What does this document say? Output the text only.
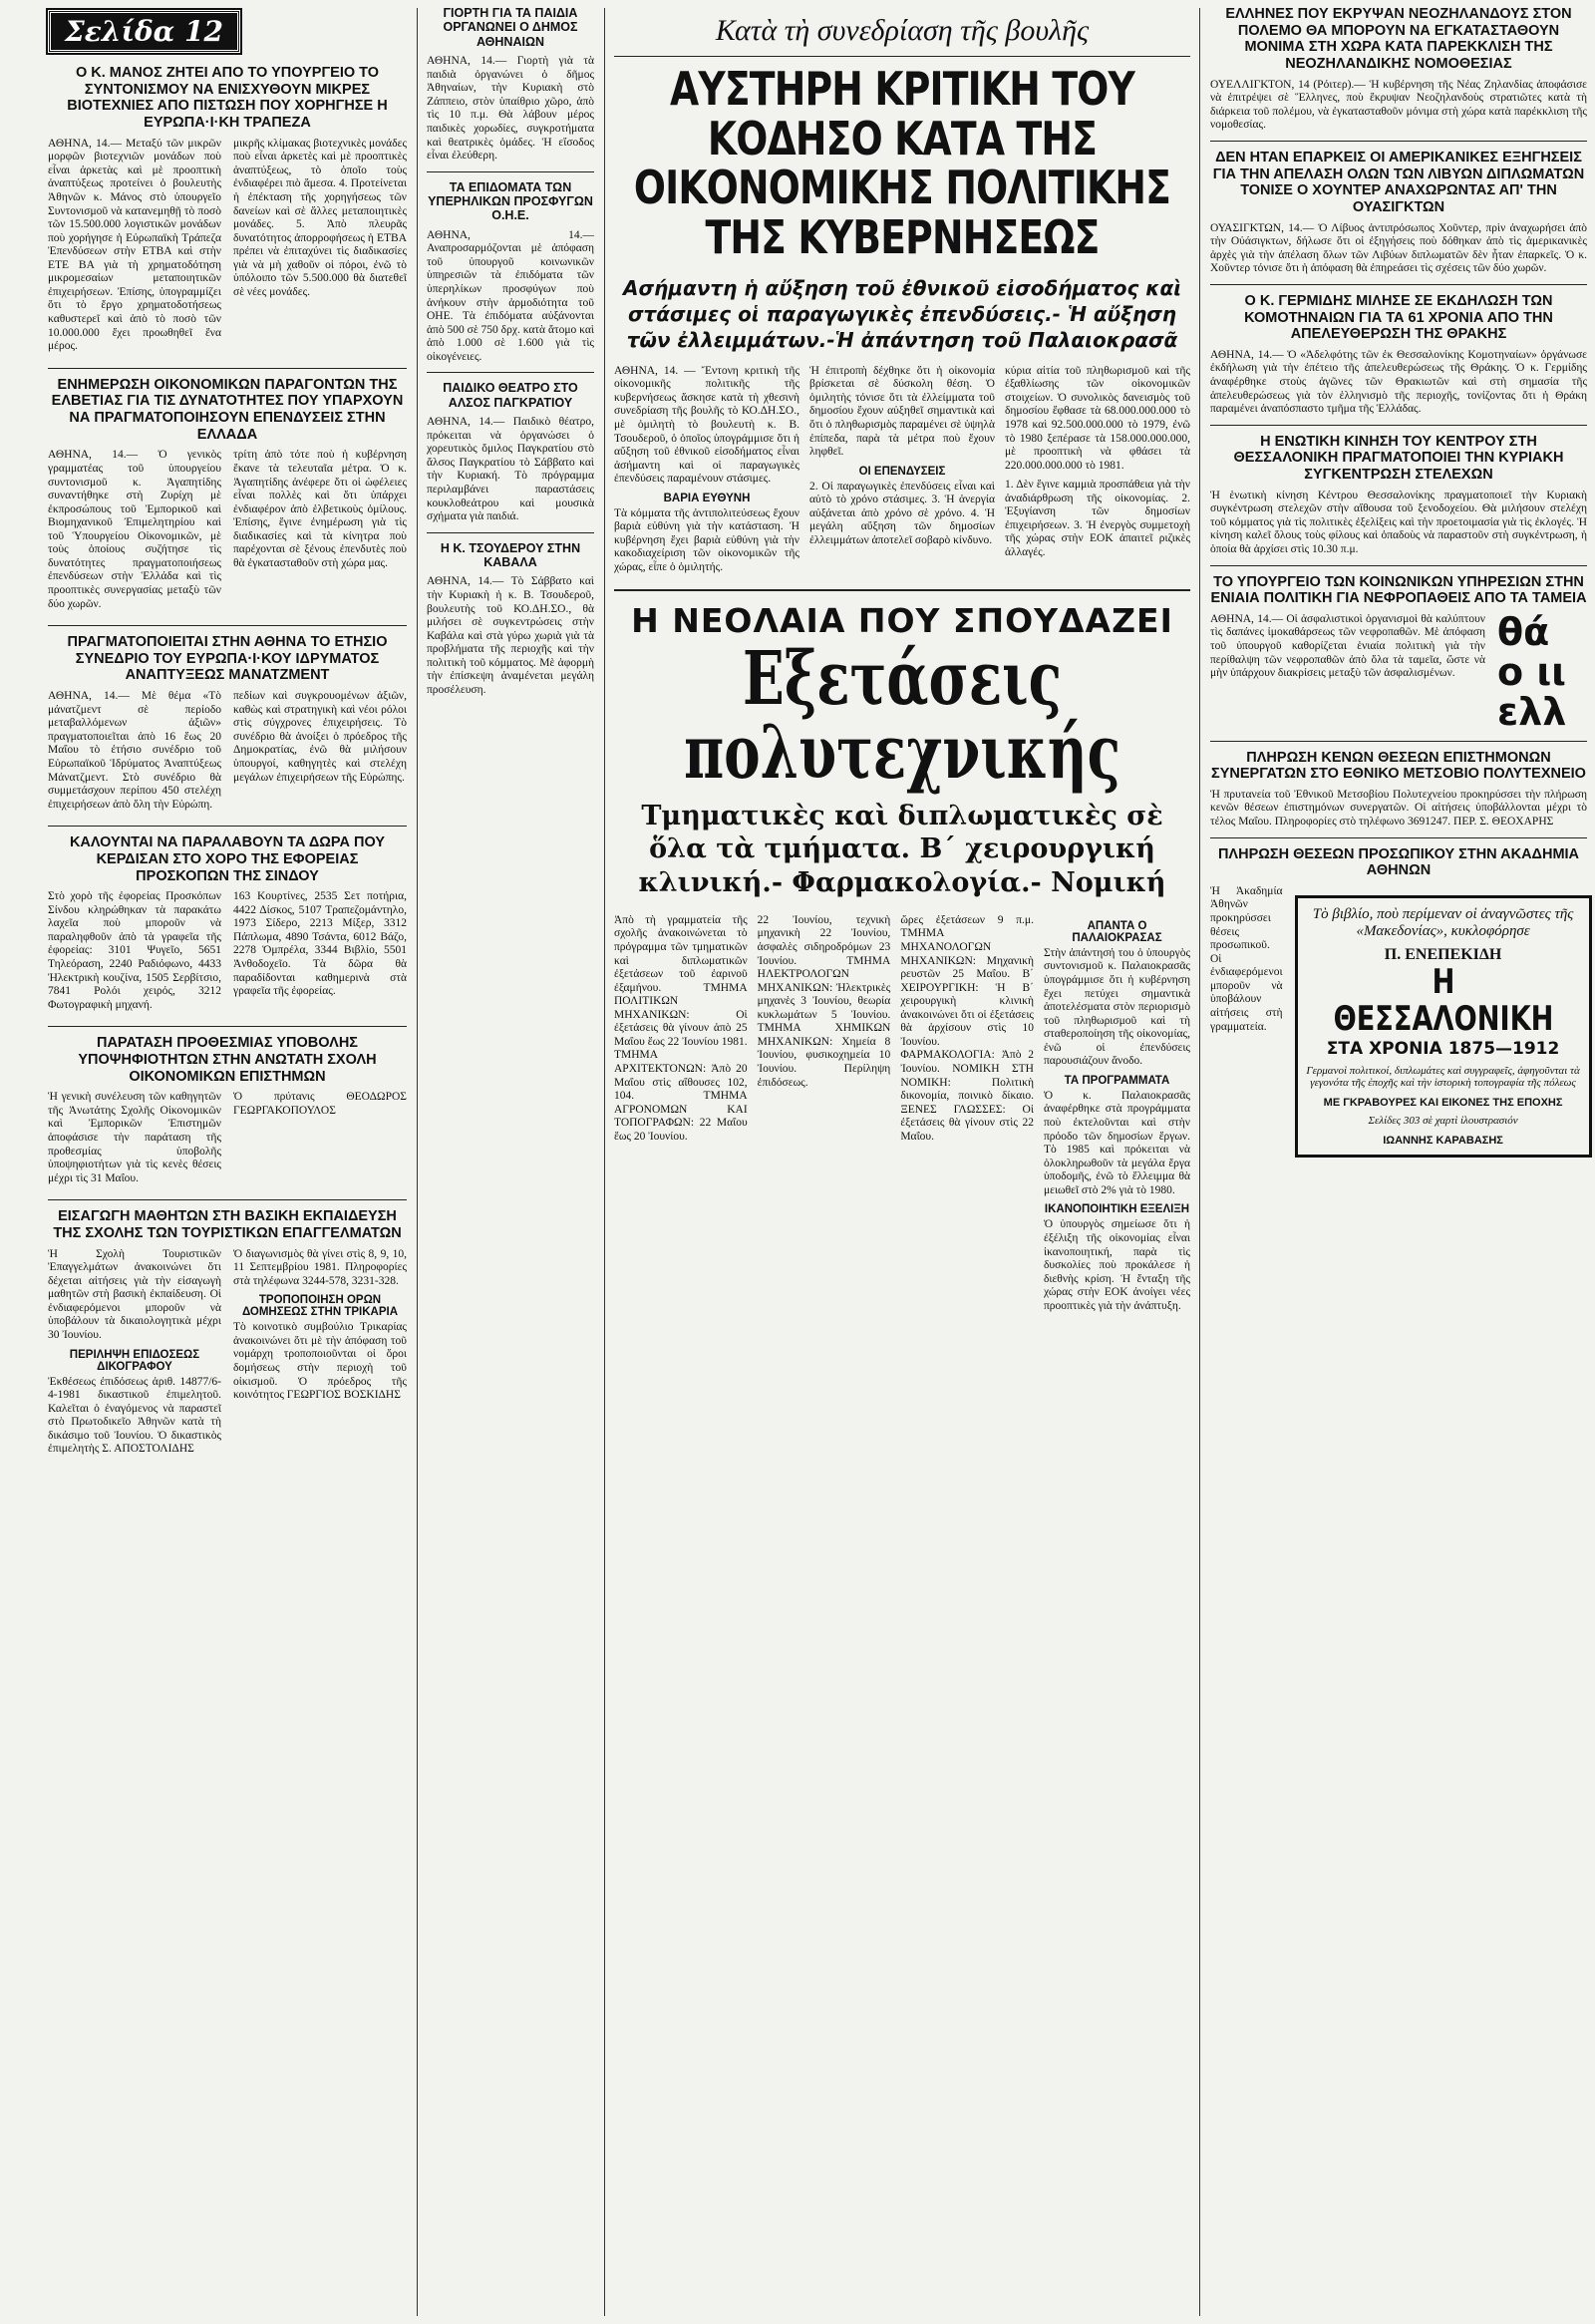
Σελίδα 12
Ο Κ. ΜΑΝΟΣ ΖΗΤΕΙ ΑΠΟ ΤΟ ΥΠΟΥΡΓΕΙΟ ΤΟ ΣΥΝΤΟΝΙΣΜΟΥ ΝΑ ΕΝΙΣΧΥΘΟΥΝ ΜΙΚΡΕΣ ΒΙΟΤΕΧΝΙΕΣ ΑΠΟ ΠΙΣΤΩΣΗ ΠΟΥ ΧΟΡΗΓΗΣΕ Η ΕΥΡΩΠΑ·Ι·ΚΗ ΤΡΑΠΕΖΑ
ΑΘΗΝΑ, 14.— Μεταξύ τῶν μικρῶν μορφῶν βιοτεχνιῶν μονάδων ποὺ εἶναι ἀρκετὰς καὶ μὲ προοπτικὴ ἀναπτύξεως προτείνει ὁ βουλευτὴς Ἀθηνῶν κ. Μάνος στὸ ὑπουργεῖο Συντονισμοῦ νὰ κατανεμηθῇ τὸ ποσὸ τῶν 15.500.000 λογιστικῶν μονάδων ποὺ χορήγησε ἡ Εὐρωπαϊκὴ Τράπεζα Ἐπενδύσεων στὴν ΕΤΒΑ καὶ στὴν ΕΤΕ ΒΑ γιὰ τὴ χρηματοδότηση μικρομεσαίων μεταποιητικῶν ἐπιχειρήσεων. Ἐπίσης, ὑπογραμμίζει ὅτι τὸ ἔργο χρηματοδοτήσεως καθυστερεῖ καὶ ἀπὸ τὸ ποσὸ τῶν 10.000.000 ἔχει προωθηθεῖ ἕνα μέρος.
μικρῆς κλίμακας βιοτεχνικὲς μονάδες ποὺ εἶναι ἀρκετὲς καὶ μὲ προοπτικὲς ἀναπτύξεως, τὸ ὁποῖο τοὺς ἐνδιαφέρει πιὸ ἄμεσα. 4. Προτείνεται ἡ ἐπέκταση τῆς χορηγήσεως τῶν δανείων καὶ σὲ ἄλλες μεταποιητικὲς μονάδες. 5. Ἀπὸ πλευρᾶς δυνατότητος ἀπορροφήσεως ἡ ΕΤΒΑ πρέπει νὰ ἐπιταχύνει τὶς διαδικασίες γιὰ νὰ μὴ χαθοῦν οἱ πόροι, ἐνῶ τὸ ὑπόλοιπο τῶν 5.500.000 θὰ διατεθεῖ σὲ νέες μονάδες.
ΕΝΗΜΕΡΩΣΗ ΟΙΚΟΝΟΜΙΚΩΝ ΠΑΡΑΓΟΝΤΩΝ ΤΗΣ ΕΛΒΕΤΙΑΣ ΓΙΑ ΤΙΣ ΔΥΝΑΤΟΤΗΤΕΣ ΠΟΥ ΥΠΑΡΧΟΥΝ ΝΑ ΠΡΑΓΜΑΤΟΠΟΙΗΣΟΥΝ ΕΠΕΝΔΥΣΕΙΣ ΣΤΗΝ ΕΛΛΑΔΑ
ΑΘΗΝΑ, 14.— Ὁ γενικὸς γραμματέας τοῦ ὑπουργείου συντονισμοῦ κ. Ἀγαπητίδης συναντήθηκε στὴ Ζυρίχη μὲ ἐκπροσώπους τοῦ Ἐμπορικοῦ καὶ Βιομηχανικοῦ Ἐπιμελητηρίου καὶ τοῦ Ὑπουργείου Οἰκονομικῶν, μὲ τοὺς ὁποίους συζήτησε τὶς δυνατότητες πραγματοποιήσεως ἐπενδύσεων στὴν Ἑλλάδα καὶ τὶς προοπτικὲς συνεργασίας μεταξὺ τῶν δύο χωρῶν.
τρίτη ἀπὸ τότε ποὺ ἡ κυβέρνηση ἔκανε τὰ τελευταῖα μέτρα. Ὁ κ. Ἀγαπητίδης ἀνέφερε ὅτι οἱ ὠφέλειες εἶναι πολλὲς καὶ ὅτι ὑπάρχει ἐνδιαφέρον ἀπὸ ἑλβετικοὺς ὁμίλους. Ἐπίσης, ἔγινε ἐνημέρωση γιὰ τὶς διαδικασίες καὶ τὰ κίνητρα ποὺ παρέχονται σὲ ξένους ἐπενδυτὲς ποὺ θὰ ἐγκατασταθοῦν στὴ χώρα μας.
ΠΡΑΓΜΑΤΟΠΟΙΕΙΤΑΙ ΣΤΗΝ ΑΘΗΝΑ ΤΟ ΕΤΗΣΙΟ ΣΥΝΕΔΡΙΟ ΤΟΥ ΕΥΡΩΠΑ·Ι·ΚΟΥ ΙΔΡΥΜΑΤΟΣ ΑΝΑΠΤΥΞΕΩΣ ΜΑΝΑΤΖΜΕΝΤ
ΑΘΗΝΑ, 14.— Μὲ θέμα «Τὸ μάνατζμεντ σὲ περίοδο μεταβαλλόμενων ἀξιῶν» πραγματοποιεῖται ἀπὸ 16 ἕως 20 Μαΐου τὸ ἐτήσιο συνέδριο τοῦ Εὐρωπαϊκοῦ Ἱδρύματος Ἀναπτύξεως Μάνατζμεντ. Στὸ συνέδριο θὰ συμμετάσχουν περίπου 450 στελέχη ἐπιχειρήσεων ἀπὸ ὅλη τὴν Εὐρώπη.
πεδίων καὶ συγκρουομένων ἀξιῶν, καθὼς καὶ στρατηγικὴ καὶ νέοι ρόλοι στὶς σύγχρονες ἐπιχειρήσεις. Τὸ συνέδριο θὰ ἀνοίξει ὁ πρόεδρος τῆς Δημοκρατίας, ἐνῶ θὰ μιλήσουν ὑπουργοί, καθηγητὲς καὶ στελέχη μεγάλων ἐπιχειρήσεων τῆς Εὐρώπης.
ΚΑΛΟΥΝΤΑΙ ΝΑ ΠΑΡΑΛΑΒΟΥΝ ΤΑ ΔΩΡΑ ΠΟΥ ΚΕΡΔΙΣΑΝ ΣΤΟ ΧΟΡΟ ΤΗΣ ΕΦΟΡΕΙΑΣ ΠΡΟΣΚΟΠΩΝ ΤΗΣ ΣΙΝΔΟΥ
Στὸ χορὸ τῆς ἐφορείας Προσκόπων Σίνδου κληρώθηκαν τὰ παρακάτω λαχεῖα ποὺ μποροῦν νὰ παραληφθοῦν ἀπὸ τὰ γραφεῖα τῆς ἐφορείας: 3101 Ψυγεῖο, 5651 Τηλεόραση, 2240 Ραδιόφωνο, 4433 Ἠλεκτρικὴ κουζίνα, 1505 Σερβίτσιο, 7841 Ρολόι χειρός, 3212 Φωτογραφικὴ μηχανή.
163 Κουρτίνες, 2535 Σετ ποτήρια, 4422 Δίσκος, 5107 Τραπεζομάντηλο, 1973 Σίδερο, 2213 Μίξερ, 3312 Πάπλωμα, 4890 Τσάντα, 6012 Βάζο, 2278 Ὁμπρέλα, 3344 Βιβλίο, 5501 Ἀνθοδοχεῖο. Τὰ δῶρα θὰ παραδίδονται καθημερινὰ στὰ γραφεῖα τῆς ἐφορείας.
ΠΑΡΑΤΑΣΗ ΠΡΟΘΕΣΜΙΑΣ ΥΠΟΒΟΛΗΣ ΥΠΟΨΗΦΙΟΤΗΤΩΝ ΣΤΗΝ ΑΝΩΤΑΤΗ ΣΧΟΛΗ ΟΙΚΟΝΟΜΙΚΩΝ ΕΠΙΣΤΗΜΩΝ
Ἡ γενικὴ συνέλευση τῶν καθηγητῶν τῆς Ἀνωτάτης Σχολῆς Οἰκονομικῶν καὶ Ἐμπορικῶν Ἐπιστημῶν ἀποφάσισε τὴν παράταση τῆς προθεσμίας ὑποβολῆς ὑποψηφιοτήτων γιὰ τὶς κενὲς θέσεις μέχρι τὶς 31 Μαΐου.
Ὁ πρύτανις ΘΕΟΔΩΡΟΣ ΓΕΩΡΓΑΚΟΠΟΥΛΟΣ
ΕΙΣΑΓΩΓΗ ΜΑΘΗΤΩΝ ΣΤΗ ΒΑΣΙΚΗ ΕΚΠΑΙΔΕΥΣΗ ΤΗΣ ΣΧΟΛΗΣ ΤΩΝ ΤΟΥΡΙΣΤΙΚΩΝ ΕΠΑΓΓΕΛΜΑΤΩΝ
Ἡ Σχολὴ Τουριστικῶν Ἐπαγγελμάτων ἀνακοινώνει ὅτι δέχεται αἰτήσεις γιὰ τὴν εἰσαγωγὴ μαθητῶν στὴ βασικὴ ἐκπαίδευση. Οἱ ἐνδιαφερόμενοι μποροῦν νὰ ὑποβάλουν τὰ δικαιολογητικὰ μέχρι 30 Ἰουνίου.
ΠΕΡΙΛΗΨΗ ΕΠΙΔΟΣΕΩΣ ΔΙΚΟΓΡΑΦΟΥ
Ἐκθέσεως ἐπιδόσεως ἀριθ. 14877/6-4-1981 δικαστικοῦ ἐπιμελητοῦ. Καλεῖται ὁ ἐναγόμενος νὰ παραστεῖ στὸ Πρωτοδικεῖο Ἀθηνῶν κατὰ τὴ δικάσιμο τοῦ Ἰουνίου. Ὁ δικαστικὸς ἐπιμελητὴς Σ. ΑΠΟΣΤΟΛΙΔΗΣ
Ὁ διαγωνισμὸς θὰ γίνει στὶς 8, 9, 10, 11 Σεπτεμβρίου 1981. Πληροφορίες στὰ τηλέφωνα 3244-578, 3231-328.
ΤΡΟΠΟΠΟΙΗΣΗ ΟΡΩΝ ΔΟΜΗΣΕΩΣ ΣΤΗΝ ΤΡΙΚΑΡΙΑ
Τὸ κοινοτικὸ συμβούλιο Τρικαρίας ἀνακοινώνει ὅτι μὲ τὴν ἀπόφαση τοῦ νομάρχη τροποποιοῦνται οἱ ὅροι δομήσεως στὴν περιοχὴ τοῦ οἰκισμοῦ. Ὁ πρόεδρος τῆς κοινότητος ΓΕΩΡΓΙΟΣ ΒΟΣΚΙΔΗΣ
ΓΙΟΡΤΗ ΓΙΑ ΤΑ ΠΑΙΔΙΑ ΟΡΓΑΝΩΝΕΙ Ο ΔΗΜΟΣ ΑΘΗΝΑΙΩΝ
ΑΘΗΝΑ, 14.— Γιορτὴ γιὰ τὰ παιδιὰ ὀργανώνει ὁ δῆμος Ἀθηναίων, τὴν Κυριακὴ στὸ Ζάππειο, στὸν ὑπαίθριο χῶρο, ἀπὸ τὶς 10 π.μ. Θὰ λάβουν μέρος παιδικὲς χορωδίες, συγκροτήματα καὶ θεατρικὲς ὁμάδες. Ἡ εἴσοδος εἶναι ἐλεύθερη.
ΤΑ ΕΠΙΔΟΜΑΤΑ ΤΩΝ ΥΠΕΡΗΛΙΚΩΝ ΠΡΟΣΦΥΓΩΝ Ο.Η.Ε.
ΑΘΗΝΑ, 14.— Αναπροσαρμόζονται μὲ ἀπόφαση τοῦ ὑπουργοῦ κοινωνικῶν ὑπηρεσιῶν τὰ ἐπιδόματα τῶν ὑπερηλίκων προσφύγων ποὺ ἀνήκουν στὴν ἁρμοδιότητα τοῦ ΟΗΕ. Τὰ ἐπιδόματα αὐξάνονται ἀπὸ 500 σὲ 750 δρχ. κατὰ ἄτομο καὶ ἀπὸ 1.000 σὲ 1.600 γιὰ τὶς οἰκογένειες.
ΠΑΙΔΙΚΟ ΘΕΑΤΡΟ ΣΤΟ ΑΛΣΟΣ ΠΑΓΚΡΑΤΙΟΥ
ΑΘΗΝΑ, 14.— Παιδικὸ θέατρο, πρόκειται νὰ ὀργανώσει ὁ χορευτικὸς ὅμιλος Παγκρατίου στὸ ἄλσος Παγκρατίου τὸ Σάββατο καὶ τὴν Κυριακή. Τὸ πρόγραμμα περιλαμβάνει παραστάσεις κουκλοθεάτρου καὶ μουσικὰ σχήματα γιὰ παιδιά.
Η Κ. ΤΣΟΥΔΕΡΟΥ ΣΤΗΝ ΚΑΒΑΛΑ
ΑΘΗΝΑ, 14.— Τὸ Σάββατο καὶ τὴν Κυριακὴ ἡ κ. Β. Τσουδεροῦ, βουλευτὴς τοῦ ΚΟ.ΔΗ.ΣΟ., θὰ μιλήσει σὲ συγκεντρώσεις στὴν Καβάλα καὶ στὰ γύρω χωριὰ γιὰ τὰ προβλήματα τῆς περιοχῆς καὶ τὴν πολιτικὴ τοῦ κόμματος. Μὲ ἀφορμὴ τὴν ἐπίσκεψη ἀναμένεται μεγάλη προσέλευση.
Κατὰ τὴ συνεδρίαση τῆς βουλῆς
ΑΥΣΤΗΡΗ ΚΡΙΤΙΚΗ ΤΟΥ ΚΟΔΗΣΟ ΚΑΤΑ ΤΗΣ ΟΙΚΟΝΟΜΙΚΗΣ ΠΟΛΙΤΙΚΗΣ ΤΗΣ ΚΥΒΕΡΝΗΣΕΩΣ
Ασήμαντη ἡ αὔξηση τοῦ ἐθνικοῦ εἰσοδήματος καὶ στάσιμες οἱ παραγωγικὲς ἐπενδύσεις.- Ἡ αὔξηση τῶν ἐλλειμμάτων.-Ἡ ἀπάντηση τοῦ Παλαιοκρασᾶ
ΑΘΗΝΑ, 14. — Ἔντονη κριτικὴ τῆς οἰκονομικῆς πολιτικῆς τῆς κυβερνήσεως ἄσκησε κατὰ τὴ χθεσινὴ συνεδρίαση τῆς βουλῆς τὸ ΚΟ.ΔΗ.ΣΟ., μὲ ὁμιλητὴ τὸ βουλευτὴ κ. Β. Τσουδεροῦ, ὁ ὁποῖος ὑπογράμμισε ὅτι ἡ αὔξηση τοῦ ἐθνικοῦ εἰσοδήματος εἶναι ἀσήμαντη καὶ οἱ παραγωγικὲς ἐπενδύσεις παραμένουν στάσιμες.
ΒΑΡΙΑ ΕΥΘΥΝΗ
Τὰ κόμματα τῆς ἀντιπολιτεύσεως ἔχουν βαριὰ εὐθύνη γιὰ τὴν κατάσταση. Ἡ κυβέρνηση ἔχει βαριὰ εὐθύνη γιὰ τὴν κακοδιαχείριση τῶν οἰκονομικῶν τῆς χώρας, εἶπε ὁ ὁμιλητής.
Ἡ ἐπιτροπὴ δέχθηκε ὅτι ἡ οἰκονομία βρίσκεται σὲ δύσκολη θέση. Ὁ ὁμιλητὴς τόνισε ὅτι τὰ ἐλλείμματα τοῦ δημοσίου ἔχουν αὐξηθεῖ σημαντικὰ καὶ ὅτι ὁ πληθωρισμὸς παραμένει σὲ ὑψηλὰ ἐπίπεδα, παρὰ τὰ μέτρα ποὺ ἔχουν ληφθεῖ.
ΟΙ ΕΠΕΝΔΥΣΕΙΣ
2. Οἱ παραγωγικὲς ἐπενδύσεις εἶναι καὶ αὐτὸ τὸ χρόνο στάσιμες. 3. Ἡ ἀνεργία αὐξάνεται ἀπὸ χρόνο σὲ χρόνο. 4. Ἡ μεγάλη αὔξηση τῶν δημοσίων ἐλλειμμάτων ἀποτελεῖ σοβαρὸ κίνδυνο.
κύρια αἰτία τοῦ πληθωρισμοῦ καὶ τῆς ἐξαθλίωσης τῶν οἰκονομικῶν στοιχείων. Ὁ συνολικὸς δανεισμὸς τοῦ δημοσίου ἔφθασε τὰ 68.000.000.000 τὸ 1978 καὶ 92.500.000.000 τὸ 1979, ἐνῶ τὸ 1980 ξεπέρασε τὰ 158.000.000.000, μὲ προοπτικὴ νὰ φθάσει τὰ 220.000.000.000 τὸ 1981.
1. Δὲν ἔγινε καμμιὰ προσπάθεια γιὰ τὴν ἀναδιάρθρωση τῆς οἰκονομίας. 2. Ἐξυγίανση τῶν δημοσίων ἐπιχειρήσεων. 3. Ἡ ἐνεργὸς συμμετοχὴ τῆς χώρας στὴν ΕΟΚ ἀπαιτεῖ ριζικὲς ἀλλαγές.
Η ΝΕΟΛΑΙΑ ΠΟΥ ΣΠΟΥΔΑΖΕΙ
Εξετάσεις πολυτεχνικής
Τμηματικὲς καὶ διπλωματικὲς σὲ ὅλα τὰ τμήματα. Β΄ χειρουργική κλινική.- Φαρμακολογία.- Νομική
Ἀπὸ τὴ γραμματεία τῆς σχολῆς ἀνακοινώνεται τὸ πρόγραμμα τῶν τμηματικῶν καὶ διπλωματικῶν ἐξετάσεων τοῦ ἐαρινοῦ ἐξαμήνου. ΤΜΗΜΑ ΠΟΛΙΤΙΚΩΝ ΜΗΧΑΝΙΚΩΝ: Οἱ ἐξετάσεις θὰ γίνουν ἀπὸ 25 Μαΐου ἕως 22 Ἰουνίου 1981. ΤΜΗΜΑ ΑΡΧΙΤΕΚΤΟΝΩΝ: Ἀπὸ 20 Μαΐου στὶς αἴθουσες 102, 104. ΤΜΗΜΑ ΑΓΡΟΝΟΜΩΝ ΚΑΙ ΤΟΠΟΓΡΑΦΩΝ: 22 Μαΐου ἕως 20 Ἰουνίου.
22 Ἰουνίου, τεχνικὴ μηχανικὴ 22 Ἰουνίου, ἀσφαλὲς σιδηροδρόμων 23 Ἰουνίου. ΤΜΗΜΑ ΗΛΕΚΤΡΟΛΟΓΩΝ ΜΗΧΑΝΙΚΩΝ: Ἠλεκτρικὲς μηχανὲς 3 Ἰουνίου, θεωρία κυκλωμάτων 5 Ἰουνίου. ΤΜΗΜΑ ΧΗΜΙΚΩΝ ΜΗΧΑΝΙΚΩΝ: Χημεία 8 Ἰουνίου, φυσικοχημεία 10 Ἰουνίου. Περίληψη ἐπιδόσεως.
ὥρες ἐξετάσεων 9 π.μ. ΤΜΗΜΑ ΜΗΧΑΝΟΛΟΓΩΝ ΜΗΧΑΝΙΚΩΝ: Μηχανικὴ ρευστῶν 25 Μαΐου. Β΄ ΧΕΙΡΟΥΡΓΙΚΗ: Ἡ Β΄ χειρουργικὴ κλινικὴ ἀνακοινώνει ὅτι οἱ ἐξετάσεις θὰ ἀρχίσουν στὶς 10 Ἰουνίου. ΦΑΡΜΑΚΟΛΟΓΙΑ: Ἀπὸ 2 Ἰουνίου. ΝΟΜΙΚΗ ΣΤΗ ΝΟΜΙΚΗ: Πολιτικὴ δικονομία, ποινικὸ δίκαιο. ΞΕΝΕΣ ΓΛΩΣΣΕΣ: Οἱ ἐξετάσεις θὰ γίνουν στὶς 22 Μαΐου.
ΑΠΑΝΤΑ Ο ΠΑΛΑΙΟΚΡΑΣΑΣ
Στὴν ἀπάντησή του ὁ ὑπουργὸς συντονισμοῦ κ. Παλαιοκρασᾶς ὑπογράμμισε ὅτι ἡ κυβέρνηση ἔχει πετύχει σημαντικὰ ἀποτελέσματα στὸν περιορισμὸ τοῦ πληθωρισμοῦ καὶ τὴ σταθεροποίηση τῆς οἰκονομίας, ἐνῶ οἱ ἐπενδύσεις παρουσιάζουν ἄνοδο.
ΤΑ ΠΡΟΓΡΑΜΜΑΤΑ
Ὁ κ. Παλαιοκρασᾶς ἀναφέρθηκε στὰ προγράμματα ποὺ ἐκτελοῦνται καὶ στὴν πρόοδο τῶν δημοσίων ἔργων. Τὸ 1985 καὶ πρόκειται νὰ ὁλοκληρωθοῦν τὰ μεγάλα ἔργα ὑποδομῆς, ἐνῶ τὸ ἔλλειμμα θὰ μειωθεῖ στὸ 2% γιὰ τὸ 1980.
ΙΚΑΝΟΠΟΙΗΤΙΚΗ ΕΞΕΛΙΞΗ
Ὁ ὑπουργὸς σημείωσε ὅτι ἡ ἐξέλιξη τῆς οἰκονομίας εἶναι ἱκανοποιητική, παρὰ τὶς δυσκολίες ποὺ προκάλεσε ἡ διεθνὴς κρίση. Ἡ ἔνταξη τῆς χώρας στὴν ΕΟΚ ἀνοίγει νέες προοπτικὲς γιὰ τὴν ἀνάπτυξη.
ΕΛΛΗΝΕΣ ΠΟΥ ΕΚΡΥΨΑΝ ΝΕΟΖΗΛΑΝΔΟΥΣ ΣΤΟΝ ΠΟΛΕΜΟ ΘΑ ΜΠΟΡΟΥΝ ΝΑ ΕΓΚΑΤΑΣΤΑΘΟΥΝ ΜΟΝΙΜΑ ΣΤΗ ΧΩΡΑ ΚΑΤΑ ΠΑΡΕΚΚΛΙΣΗ ΤΗΣ ΝΕΟΖΗΛΑΝΔΙΚΗΣ ΝΟΜΟΘΕΣΙΑΣ
ΟΥΕΛΛΙΓΚΤΟΝ, 14 (Ρόιτερ).— Ἡ κυβέρνηση τῆς Νέας Ζηλανδίας ἀποφάσισε νὰ ἐπιτρέψει σὲ Ἕλληνες, ποὺ ἔκρυψαν Νεοζηλανδοὺς στρατιῶτες κατὰ τὴ διάρκεια τοῦ πολέμου, νὰ ἐγκατασταθοῦν μόνιμα στὴ χώρα κατὰ παρέκκλιση τῆς νομοθεσίας.
ΔΕΝ ΗΤΑΝ ΕΠΑΡΚΕΙΣ ΟΙ ΑΜΕΡΙΚΑΝΙΚΕΣ ΕΞΗΓΗΣΕΙΣ ΓΙΑ ΤΗΝ ΑΠΕΛΑΣΗ ΟΛΩΝ ΤΩΝ ΛΙΒΥΩΝ ΔΙΠΛΩΜΑΤΩΝ ΤΟΝΙΣΕ Ο ΧΟΥΝΤΕΡ ΑΝΑΧΩΡΩΝΤΑΣ ΑΠ' ΤΗΝ ΟΥΑΣΙΓΚΤΩΝ
ΟΥΑΣΙΓΚΤΩΝ, 14.— Ὁ Λίβυος ἀντιπρόσωπος Χοῦντερ, πρὶν ἀναχωρήσει ἀπὸ τὴν Οὐάσιγκτων, δήλωσε ὅτι οἱ ἐξηγήσεις ποὺ δόθηκαν ἀπὸ τὶς ἀμερικανικὲς ἀρχὲς γιὰ τὴν ἀπέλαση ὅλων τῶν Λιβύων διπλωματῶν δὲν ἦταν ἐπαρκεῖς. Ὁ κ. Χοῦντερ τόνισε ὅτι ἡ ἀπόφαση θὰ ἐπηρεάσει τὶς σχέσεις τῶν δύο χωρῶν.
Ο Κ. ΓΕΡΜΙΔΗΣ ΜΙΛΗΣΕ ΣΕ ΕΚΔΗΛΩΣΗ ΤΩΝ ΚΟΜΟΤΗΝΑΙΩΝ ΓΙΑ ΤΑ 61 ΧΡΟΝΙΑ ΑΠΟ ΤΗΝ ΑΠΕΛΕΥΘΕΡΩΣΗ ΤΗΣ ΘΡΑΚΗΣ
ΑΘΗΝΑ, 14.— Ὁ «Ἀδελφότης τῶν ἐκ Θεσσαλονίκης Κομοτηναίων» ὀργάνωσε ἐκδήλωση γιὰ τὴν ἐπέτειο τῆς ἀπελευθερώσεως τῆς Θράκης. Ὁ κ. Γερμίδης ἀναφέρθηκε στοὺς ἀγῶνες τῶν Θρακιωτῶν καὶ στὴ σημασία τῆς ἀπελευθερώσεως γιὰ τὸν ἑλληνισμὸ τῆς περιοχῆς, τονίζοντας ὅτι ἡ Θράκη παραμένει ἀναπόσπαστο τμῆμα τῆς Ἑλλάδας.
Η ΕΝΩΤΙΚΗ ΚΙΝΗΣΗ ΤΟΥ ΚΕΝΤΡΟΥ ΣΤΗ ΘΕΣΣΑΛΟΝΙΚΗ ΠΡΑΓΜΑΤΟΠΟΙΕΙ ΤΗΝ ΚΥΡΙΑΚΗ ΣΥΓΚΕΝΤΡΩΣΗ ΣΤΕΛΕΧΩΝ
Ἡ ἑνωτικὴ κίνηση Κέντρου Θεσσαλονίκης πραγματοποιεῖ τὴν Κυριακὴ συγκέντρωση στελεχῶν στὴν αἴθουσα τοῦ ξενοδοχείου. Θὰ μιλήσουν στελέχη τοῦ κόμματος γιὰ τὶς πολιτικὲς ἐξελίξεις καὶ τὴν προετοιμασία γιὰ τὶς ἐκλογές. Ἡ κίνηση καλεῖ ὅλους τοὺς φίλους καὶ ὀπαδοὺς νὰ παραστοῦν στὴ συγκέντρωση, ἡ ὁποία θὰ ἀρχίσει στὶς 10.30 π.μ.
ΤΟ ΥΠΟΥΡΓΕΙΟ ΤΩΝ ΚΟΙΝΩΝΙΚΩΝ ΥΠΗΡΕΣΙΩΝ ΣΤΗΝ ΕΝΙΑΙΑ ΠΟΛΙΤΙΚΗ ΓΙΑ ΝΕΦΡΟΠΑΘΕΙΣ ΑΠΟ ΤΑ ΤΑΜΕΙΑ
ΑΘΗΝΑ, 14.— Οἱ ἀσφαλιστικοὶ ὀργανισμοὶ θὰ καλύπτουν τὶς δαπάνες ἱμοκαθάρσεως τῶν νεφροπαθῶν. Μὲ ἀπόφαση τοῦ ὑπουργοῦ καθορίζεται ἑνιαία πολιτικὴ γιὰ τὴν περίθαλψη τῶν νεφροπαθῶν ἀπὸ ὅλα τὰ ταμεῖα, ὥστε νὰ μὴν ὑπάρχουν διακρίσεις μεταξὺ τῶν ἀσφαλισμένων.
θά ο ιι ελλ
ΠΛΗΡΩΣΗ ΚΕΝΩΝ ΘΕΣΕΩΝ ΕΠΙΣΤΗΜΟΝΩΝ ΣΥΝΕΡΓΑΤΩΝ ΣΤΟ ΕΘΝΙΚΟ ΜΕΤΣΟΒΙΟ ΠΟΛΥΤΕΧΝΕΙΟ
Ἡ πρυτανεία τοῦ Ἐθνικοῦ Μετσοβίου Πολυτεχνείου προκηρύσσει τὴν πλήρωση κενῶν θέσεων ἐπιστημόνων συνεργατῶν. Οἱ αἰτήσεις ὑποβάλλονται μέχρι τὸ τέλος Μαΐου. Πληροφορίες στὸ τηλέφωνο 3691247. ΠΕΡ. Σ. ΘΕΟΧΑΡΗΣ
ΠΛΗΡΩΣΗ ΘΕΣΕΩΝ ΠΡΟΣΩΠΙΚΟΥ ΣΤΗΝ ΑΚΑΔΗΜΙΑ ΑΘΗΝΩΝ
Ἡ Ἀκαδημία Ἀθηνῶν προκηρύσσει θέσεις προσωπικοῦ. Οἱ ἐνδιαφερόμενοι μποροῦν νὰ ὑποβάλουν αἰτήσεις στὴ γραμματεία.
Τὸ βιβλίο, ποὺ περίμεναν οἱ ἀναγνῶστες τῆς «Μακεδονίας», κυκλοφόρησε
Π. ΕΝΕΠΕΚΙΔΗ
Η ΘΕΣΣΑΛΟΝΙΚΗ
ΣΤΑ ΧΡΟΝΙΑ 1875—1912
Γερμανοὶ πολιτικοί, διπλωμάτες καὶ συγγραφεῖς, ἀφηγοῦνται τὰ γεγονότα τῆς ἐποχῆς καὶ τὴν ἱστορικὴ τοπογραφία τῆς πόλεως
ΜΕ ΓΚΡΑΒΟΥΡΕΣ ΚΑΙ ΕΙΚΟΝΕΣ ΤΗΣ ΕΠΟΧΗΣ
Σελίδες 303 σὲ χαρτὶ ἰλουστρασιόν
ΙΩΑΝΝΗΣ ΚΑΡΑΒΑΣΗΣ
